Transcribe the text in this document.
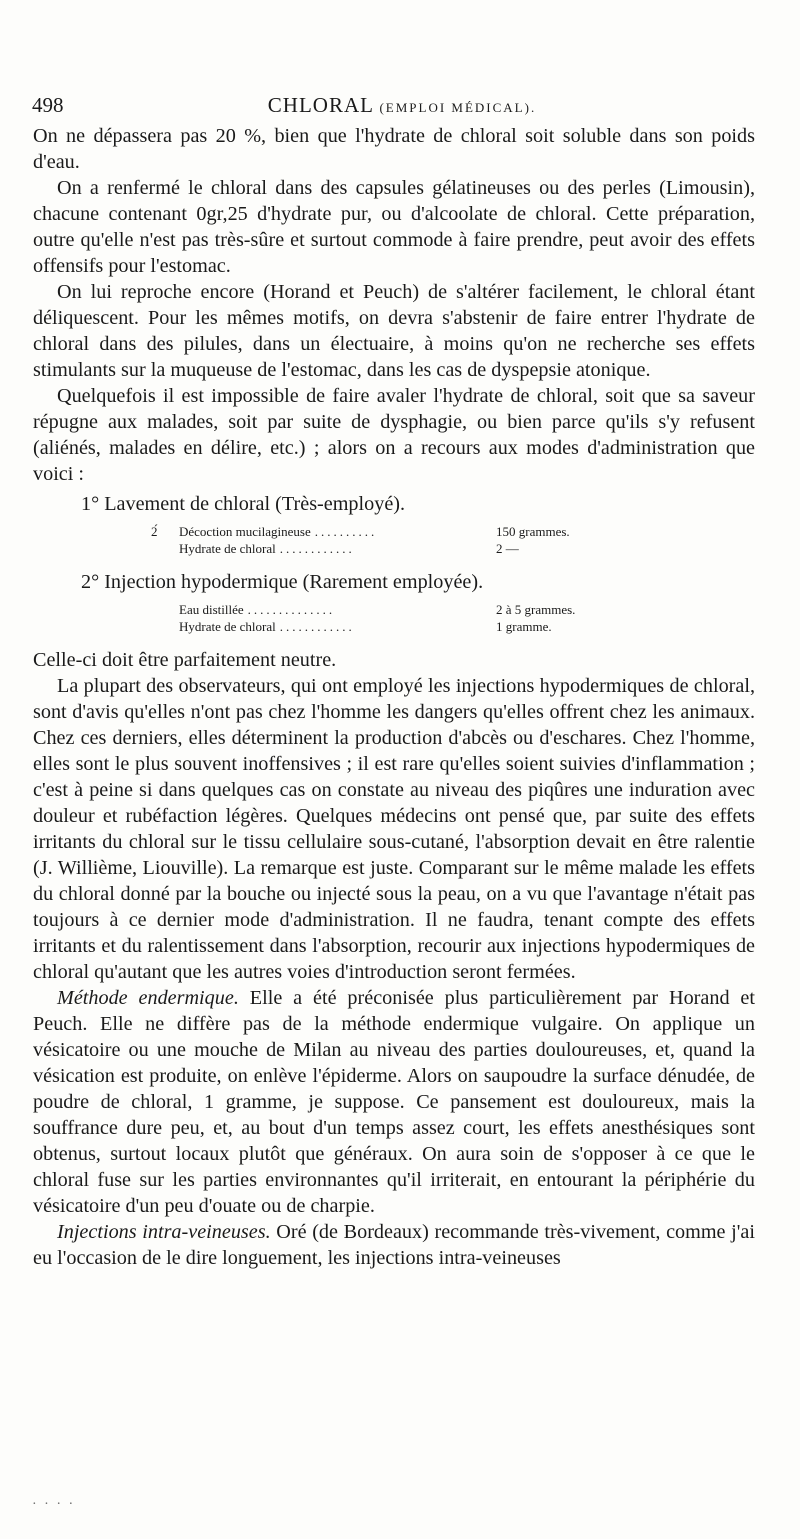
498	CHLORAL (EMPLOI MÉDICAL).

On ne dépassera pas 20 %, bien que l'hydrate de chloral soit soluble dans son poids d'eau.

On a renfermé le chloral dans des capsules gélatineuses ou des perles (Limousin), chacune contenant 0gr,25 d'hydrate pur, ou d'alcoolate de chloral. Cette préparation, outre qu'elle n'est pas très-sûre et surtout commode à faire prendre, peut avoir des effets offensifs pour l'estomac.

On lui reproche encore (Horand et Peuch) de s'altérer facilement, le chloral étant déliquescent. Pour les mêmes motifs, on devra s'abstenir de faire entrer l'hydrate de chloral dans des pilules, dans un électuaire, à moins qu'on ne recherche ses effets stimulants sur la muqueuse de l'estomac, dans les cas de dyspepsie atonique.

Quelquefois il est impossible de faire avaler l'hydrate de chloral, soit que sa saveur répugne aux malades, soit par suite de dysphagie, ou bien parce qu'ils s'y refusent (aliénés, malades en délire, etc.) ; alors on a recours aux modes d'administration que voici :

1° Lavement de chloral (Très-employé).

2́	Décoction mucilagineuse ..........	150 grammes.
Hydrate de chloral ............	2 —

2° Injection hypodermique (Rarement employée).

Eau distillée ..............	2 à 5 grammes.
Hydrate de chloral ............	1 gramme.

Celle-ci doit être parfaitement neutre.

La plupart des observateurs, qui ont employé les injections hypodermiques de chloral, sont d'avis qu'elles n'ont pas chez l'homme les dangers qu'elles offrent chez les animaux. Chez ces derniers, elles déterminent la production d'abcès ou d'eschares. Chez l'homme, elles sont le plus souvent inoffensives ; il est rare qu'elles soient suivies d'inflammation ; c'est à peine si dans quelques cas on constate au niveau des piqûres une induration avec douleur et rubéfaction légères. Quelques médecins ont pensé que, par suite des effets irritants du chloral sur le tissu cellulaire sous-cutané, l'absorption devait en être ralentie (J. Willième, Liouville). La remarque est juste. Comparant sur le même malade les effets du chloral donné par la bouche ou injecté sous la peau, on a vu que l'avantage n'était pas toujours à ce dernier mode d'administration. Il ne faudra, tenant compte des effets irritants et du ralentissement dans l'absorption, recourir aux injections hypodermiques de chloral qu'autant que les autres voies d'introduction seront fermées.

Méthode endermique. Elle a été préconisée plus particulièrement par Horand et Peuch. Elle ne diffère pas de la méthode endermique vulgaire. On applique un vésicatoire ou une mouche de Milan au niveau des parties douloureuses, et, quand la vésication est produite, on enlève l'épiderme. Alors on saupoudre la surface dénudée, de poudre de chloral, 1 gramme, je suppose. Ce pansement est douloureux, mais la souffrance dure peu, et, au bout d'un temps assez court, les effets anesthésiques sont obtenus, surtout locaux plutôt que généraux. On aura soin de s'opposer à ce que le chloral fuse sur les parties environnantes qu'il irriterait, en entourant la périphérie du vésicatoire d'un peu d'ouate ou de charpie.

Injections intra-veineuses. Oré (de Bordeaux) recommande très-vivement, comme j'ai eu l'occasion de le dire longuement, les injections intra-veineuses

· · · ·
